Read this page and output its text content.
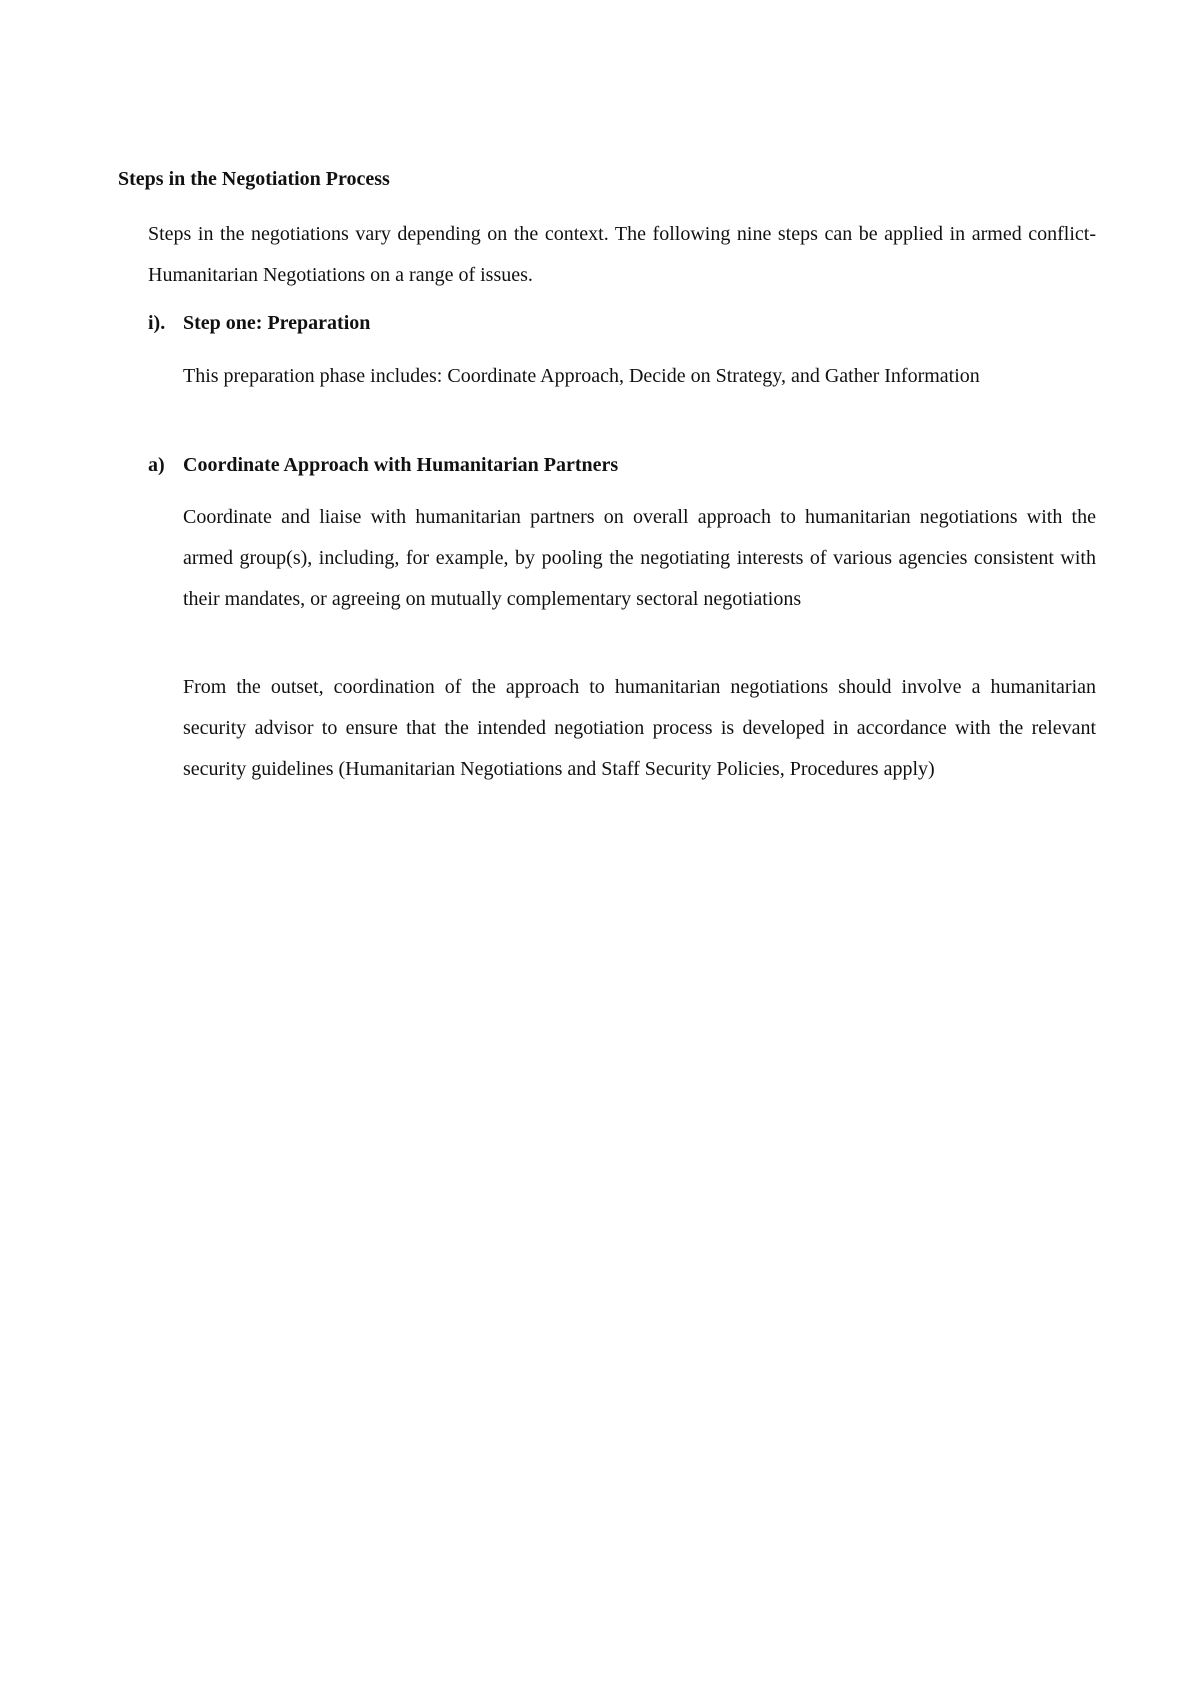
Steps in the Negotiation Process

Steps in the negotiations vary depending on the context. The following nine steps can be applied in armed conflict-Humanitarian Negotiations on a range of issues.

i). Step one: Preparation

This preparation phase includes: Coordinate Approach, Decide on Strategy, and Gather Information

a) Coordinate Approach with Humanitarian Partners

Coordinate and liaise with humanitarian partners on overall approach to humanitarian negotiations with the armed group(s), including, for example, by pooling the negotiating interests of various agencies consistent with their mandates, or agreeing on mutually complementary sectoral negotiations

From the outset, coordination of the approach to humanitarian negotiations should involve a humanitarian security advisor to ensure that the intended negotiation process is developed in accordance with the relevant security guidelines (Humanitarian Negotiations and Staff Security Policies, Procedures apply)
